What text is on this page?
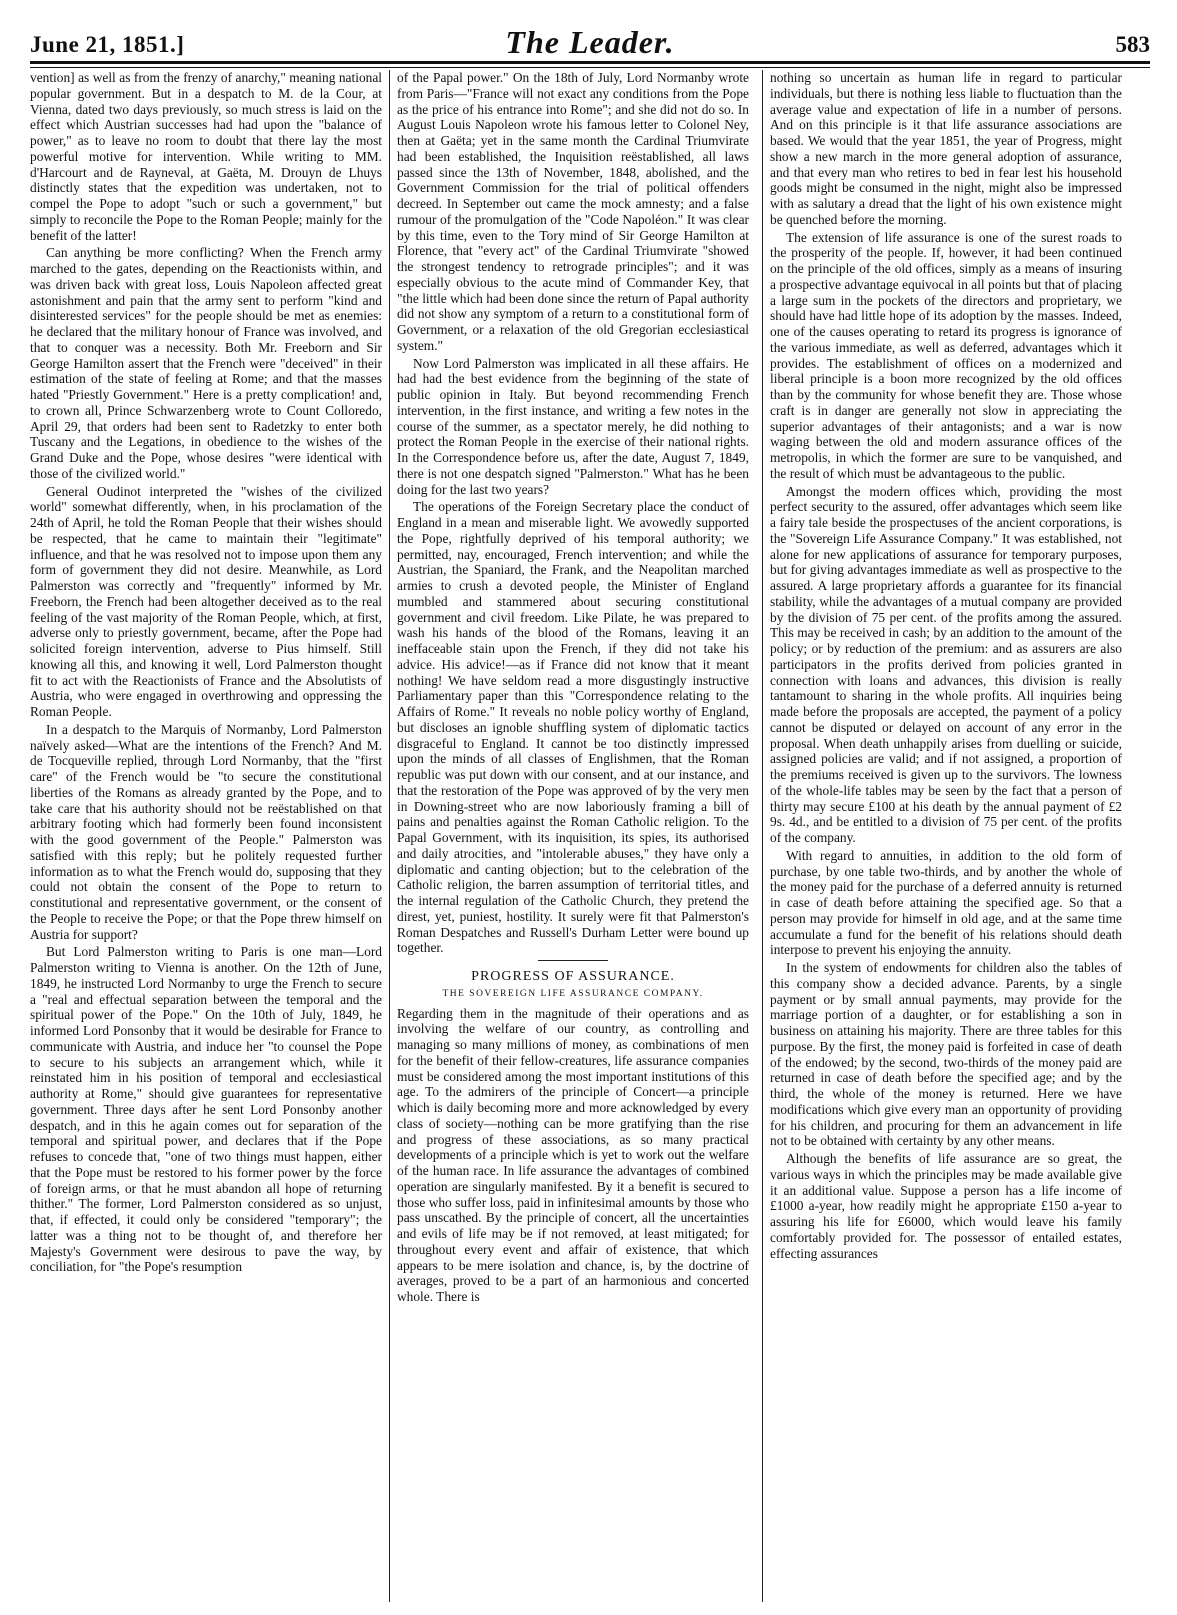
June 21, 1851.]	The Leader.	583

vention] as well as from the frenzy of anarchy," meaning national popular government. But in a despatch to M. de la Cour, at Vienna, dated two days previously, so much stress is laid on the effect which Austrian successes had had upon the "balance of power," as to leave no room to doubt that there lay the most powerful motive for intervention. While writing to MM. d'Harcourt and de Rayneval, at Gaëta, M. Drouyn de Lhuys distinctly states that the expedition was undertaken, not to compel the Pope to adopt "such or such a government," but simply to reconcile the Pope to the Roman People; mainly for the benefit of the latter!

Can anything be more conflicting? When the French army marched to the gates, depending on the Reactionists within, and was driven back with great loss, Louis Napoleon affected great astonishment and pain that the army sent to perform "kind and disinterested services" for the people should be met as enemies: he declared that the military honour of France was involved, and that to conquer was a necessity. Both Mr. Freeborn and Sir George Hamilton assert that the French were "deceived" in their estimation of the state of feeling at Rome; and that the masses hated "Priestly Government." Here is a pretty complication! and, to crown all, Prince Schwarzenberg wrote to Count Colloredo, April 29, that orders had been sent to Radetzky to enter both Tuscany and the Legations, in obedience to the wishes of the Grand Duke and the Pope, whose desires "were identical with those of the civilized world."

General Oudinot interpreted the "wishes of the civilized world" somewhat differently, when, in his proclamation of the 24th of April, he told the Roman People that their wishes should be respected, that he came to maintain their "legitimate" influence, and that he was resolved not to impose upon them any form of government they did not desire. Meanwhile, as Lord Palmerston was correctly and "frequently" informed by Mr. Freeborn, the French had been altogether deceived as to the real feeling of the vast majority of the Roman People, which, at first, adverse only to priestly government, became, after the Pope had solicited foreign intervention, adverse to Pius himself. Still knowing all this, and knowing it well, Lord Palmerston thought fit to act with the Reactionists of France and the Absolutists of Austria, who were engaged in overthrowing and oppressing the Roman People.

In a despatch to the Marquis of Normanby, Lord Palmerston naïvely asked—What are the intentions of the French? And M. de Tocqueville replied, through Lord Normanby, that the "first care" of the French would be "to secure the constitutional liberties of the Romans as already granted by the Pope, and to take care that his authority should not be reëstablished on that arbitrary footing which had formerly been found inconsistent with the good government of the People." Palmerston was satisfied with this reply; but he politely requested further information as to what the French would do, supposing that they could not obtain the consent of the Pope to return to constitutional and representative government, or the consent of the People to receive the Pope; or that the Pope threw himself on Austria for support?

But Lord Palmerston writing to Paris is one man—Lord Palmerston writing to Vienna is another. On the 12th of June, 1849, he instructed Lord Normanby to urge the French to secure a "real and effectual separation between the temporal and the spiritual power of the Pope." On the 10th of July, 1849, he informed Lord Ponsonby that it would be desirable for France to communicate with Austria, and induce her "to counsel the Pope to secure to his subjects an arrangement which, while it reinstated him in his position of temporal and ecclesiastical authority at Rome," should give guarantees for representative government. Three days after he sent Lord Ponsonby another despatch, and in this he again comes out for separation of the temporal and spiritual power, and declares that if the Pope refuses to concede that, "one of two things must happen, either that the Pope must be restored to his former power by the force of foreign arms, or that he must abandon all hope of returning thither." The former, Lord Palmerston considered as so unjust, that, if effected, it could only be considered "temporary"; the latter was a thing not to be thought of, and therefore her Majesty's Government were desirous to pave the way, by conciliation, for "the Pope's resumption

of the Papal power." On the 18th of July, Lord Normanby wrote from Paris—"France will not exact any conditions from the Pope as the price of his entrance into Rome"; and she did not do so. In August Louis Napoleon wrote his famous letter to Colonel Ney, then at Gaëta; yet in the same month the Cardinal Triumvirate had been established, the Inquisition reëstablished, all laws passed since the 13th of November, 1848, abolished, and the Government Commission for the trial of political offenders decreed. In September out came the mock amnesty; and a false rumour of the promulgation of the "Code Napoléon." It was clear by this time, even to the Tory mind of Sir George Hamilton at Florence, that "every act" of the Cardinal Triumvirate "showed the strongest tendency to retrograde principles"; and it was especially obvious to the acute mind of Commander Key, that "the little which had been done since the return of Papal authority did not show any symptom of a return to a constitutional form of Government, or a relaxation of the old Gregorian ecclesiastical system."

Now Lord Palmerston was implicated in all these affairs. He had had the best evidence from the beginning of the state of public opinion in Italy. But beyond recommending French intervention, in the first instance, and writing a few notes in the course of the summer, as a spectator merely, he did nothing to protect the Roman People in the exercise of their national rights. In the Correspondence before us, after the date, August 7, 1849, there is not one despatch signed "Palmerston." What has he been doing for the last two years?

The operations of the Foreign Secretary place the conduct of England in a mean and miserable light. We avowedly supported the Pope, rightfully deprived of his temporal authority; we permitted, nay, encouraged, French intervention; and while the Austrian, the Spaniard, the Frank, and the Neapolitan marched armies to crush a devoted people, the Minister of England mumbled and stammered about securing constitutional government and civil freedom. Like Pilate, he was prepared to wash his hands of the blood of the Romans, leaving it an ineffaceable stain upon the French, if they did not take his advice. His advice!—as if France did not know that it meant nothing! We have seldom read a more disgustingly instructive Parliamentary paper than this "Correspondence relating to the Affairs of Rome." It reveals no noble policy worthy of England, but discloses an ignoble shuffling system of diplomatic tactics disgraceful to England. It cannot be too distinctly impressed upon the minds of all classes of Englishmen, that the Roman republic was put down with our consent, and at our instance, and that the restoration of the Pope was approved of by the very men in Downing-street who are now laboriously framing a bill of pains and penalties against the Roman Catholic religion. To the Papal Government, with its inquisition, its spies, its authorised and daily atrocities, and "intolerable abuses," they have only a diplomatic and canting objection; but to the celebration of the Catholic religion, the barren assumption of territorial titles, and the internal regulation of the Catholic Church, they pretend the direst, yet, puniest, hostility. It surely were fit that Palmerston's Roman Despatches and Russell's Durham Letter were bound up together.

PROGRESS OF ASSURANCE.
THE SOVEREIGN LIFE ASSURANCE COMPANY.

Regarding them in the magnitude of their operations and as involving the welfare of our country, as controlling and managing so many millions of money, as combinations of men for the benefit of their fellow-creatures, life assurance companies must be considered among the most important institutions of this age. To the admirers of the principle of Concert—a principle which is daily becoming more and more acknowledged by every class of society—nothing can be more gratifying than the rise and progress of these associations, as so many practical developments of a principle which is yet to work out the welfare of the human race. In life assurance the advantages of combined operation are singularly manifested. By it a benefit is secured to those who suffer loss, paid in infinitesimal amounts by those who pass unscathed. By the principle of concert, all the uncertainties and evils of life may be if not removed, at least mitigated; for throughout every event and affair of existence, that which appears to be mere isolation and chance, is, by the doctrine of averages, proved to be a part of an harmonious and concerted whole. There is

nothing so uncertain as human life in regard to particular individuals, but there is nothing less liable to fluctuation than the average value and expectation of life in a number of persons. And on this principle is it that life assurance associations are based. We would that the year 1851, the year of Progress, might show a new march in the more general adoption of assurance, and that every man who retires to bed in fear lest his household goods might be consumed in the night, might also be impressed with as salutary a dread that the light of his own existence might be quenched before the morning.

The extension of life assurance is one of the surest roads to the prosperity of the people. If, however, it had been continued on the principle of the old offices, simply as a means of insuring a prospective advantage equivocal in all points but that of placing a large sum in the pockets of the directors and proprietary, we should have had little hope of its adoption by the masses. Indeed, one of the causes operating to retard its progress is ignorance of the various immediate, as well as deferred, advantages which it provides. The establishment of offices on a modernized and liberal principle is a boon more recognized by the old offices than by the community for whose benefit they are. Those whose craft is in danger are generally not slow in appreciating the superior advantages of their antagonists; and a war is now waging between the old and modern assurance offices of the metropolis, in which the former are sure to be vanquished, and the result of which must be advantageous to the public.

Amongst the modern offices which, providing the most perfect security to the assured, offer advantages which seem like a fairy tale beside the prospectuses of the ancient corporations, is the "Sovereign Life Assurance Company." It was established, not alone for new applications of assurance for temporary purposes, but for giving advantages immediate as well as prospective to the assured. A large proprietary affords a guarantee for its financial stability, while the advantages of a mutual company are provided by the division of 75 per cent. of the profits among the assured. This may be received in cash; by an addition to the amount of the policy; or by reduction of the premium: and as assurers are also participators in the profits derived from policies granted in connection with loans and advances, this division is really tantamount to sharing in the whole profits. All inquiries being made before the proposals are accepted, the payment of a policy cannot be disputed or delayed on account of any error in the proposal. When death unhappily arises from duelling or suicide, assigned policies are valid; and if not assigned, a proportion of the premiums received is given up to the survivors. The lowness of the whole-life tables may be seen by the fact that a person of thirty may secure £100 at his death by the annual payment of £2 9s. 4d., and be entitled to a division of 75 per cent. of the profits of the company.

With regard to annuities, in addition to the old form of purchase, by one table two-thirds, and by another the whole of the money paid for the purchase of a deferred annuity is returned in case of death before attaining the specified age. So that a person may provide for himself in old age, and at the same time accumulate a fund for the benefit of his relations should death interpose to prevent his enjoying the annuity.

In the system of endowments for children also the tables of this company show a decided advance. Parents, by a single payment or by small annual payments, may provide for the marriage portion of a daughter, or for establishing a son in business on attaining his majority. There are three tables for this purpose. By the first, the money paid is forfeited in case of death of the endowed; by the second, two-thirds of the money paid are returned in case of death before the specified age; and by the third, the whole of the money is returned. Here we have modifications which give every man an opportunity of providing for his children, and procuring for them an advancement in life not to be obtained with certainty by any other means.

Although the benefits of life assurance are so great, the various ways in which the principles may be made available give it an additional value. Suppose a person has a life income of £1000 a-year, how readily might he appropriate £150 a-year to assuring his life for £6000, which would leave his family comfortably provided for. The possessor of entailed estates, effecting assurances
